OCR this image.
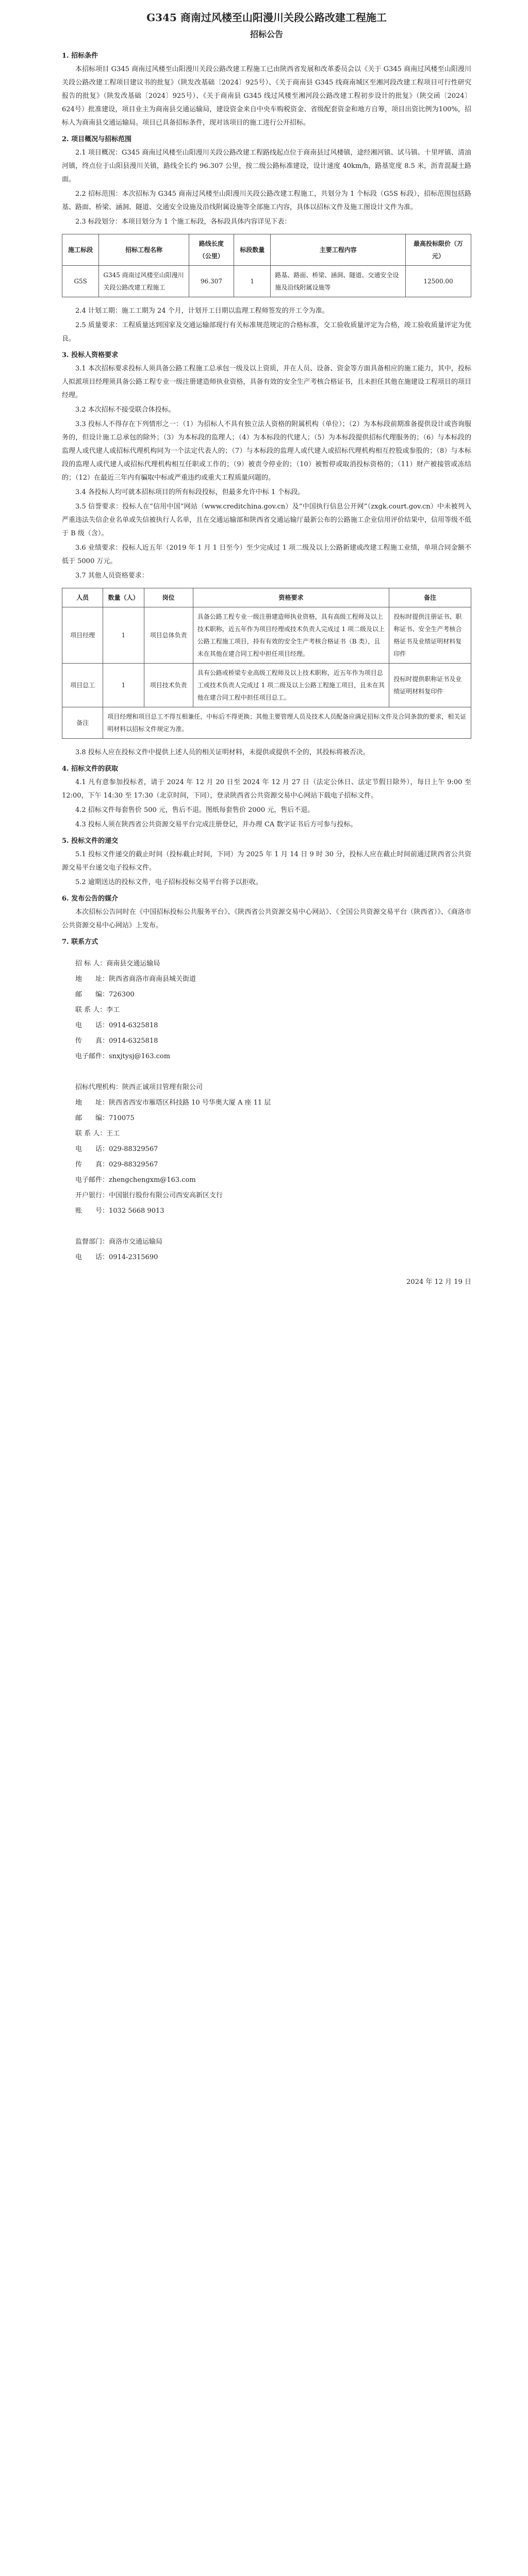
G345 商南过风楼至山阳漫川关段公路改建工程施工
招标公告
1. 招标条件

本招标项目 G345 商南过风楼至山阳漫川关段公路改建工程施工已由陕西省发展和改革委员会以《关于 G345 商南过风楼至山阳漫川关段公路改建工程项目建议书的批复》（陕发改基础〔2024〕925号）、《关于商南县 G345 线商南城区至湘河段改建工程项目可行性研究报告的批复》（陕发改基础〔2024〕925号）、《关于商南县 G345 线过风楼至湘河段公路改建工程初步设计的批复》（陕交函〔2024〕624号）批准建设，项目业主为商南县交通运输局，建设资金来自中央车购税资金、省级配套资金和地方自筹，项目出资比例为100%，招标人为商南县交通运输局。项目已具备招标条件，现对该项目的施工进行公开招标。

2. 项目概况与招标范围

2.1 项目概况：G345 商南过风楼至山阳漫川关段公路改建工程路线起点位于商南县过风楼镇，途经湘河镇、试马镇、十里坪镇、清油河镇，终点位于山阳县漫川关镇，路线全长约 96.307 公里，按二级公路标准建设，设计速度 40km/h，路基宽度 8.5 米，沥青混凝土路面。

2.2 招标范围：本次招标为 G345 商南过风楼至山阳漫川关段公路改建工程施工，共划分为 1 个标段（G5S 标段），招标范围包括路基、路面、桥梁、涵洞、隧道、交通安全设施及沿线附属设施等全部施工内容，具体以招标文件及施工图设计文件为准。

2.3 标段划分：本项目划分为 1 个施工标段，各标段具体内容详见下表：

施工标段	招标工程名称	路线长度（公里）	标段数量	主要工程内容	最高投标限价（万元）
G5S	G345 商南过风楼至山阳漫川关段公路改建工程施工	96.307	1	路基、路面、桥梁、涵洞、隧道、交通安全设施及沿线附属设施等	12500.00

2.4 计划工期：施工工期为 24 个月，计划开工日期以监理工程师签发的开工令为准。

2.5 质量要求：工程质量达到国家及交通运输部现行有关标准规范规定的合格标准，交工验收质量评定为合格，竣工验收质量评定为优良。

3. 投标人资格要求

3.1 本次招标要求投标人须具备公路工程施工总承包一级及以上资质，并在人员、设备、资金等方面具备相应的施工能力，其中，投标人拟派项目经理须具备公路工程专业一级注册建造师执业资格，具备有效的安全生产考核合格证书，且未担任其他在施建设工程项目的项目经理。

3.2 本次招标不接受联合体投标。

3.3 投标人不得存在下列情形之一：（1）为招标人不具有独立法人资格的附属机构（单位）；（2）为本标段前期准备提供设计或咨询服务的，但设计施工总承包的除外；（3）为本标段的监理人；（4）为本标段的代建人；（5）为本标段提供招标代理服务的；（6）与本标段的监理人或代建人或招标代理机构同为一个法定代表人的；（7）与本标段的监理人或代建人或招标代理机构相互控股或参股的；（8）与本标段的监理人或代建人或招标代理机构相互任职或工作的；（9）被责令停业的；（10）被暂停或取消投标资格的；（11）财产被接管或冻结的；（12）在最近三年内有骗取中标或严重违约或重大工程质量问题的。

3.4 各投标人均可就本招标项目的所有标段投标，但最多允许中标 1 个标段。

3.5 信誉要求：投标人在“信用中国”网站（www.creditchina.gov.cn）及“中国执行信息公开网”（zxgk.court.gov.cn）中未被列入严重违法失信企业名单或失信被执行人名单，且在交通运输部和陕西省交通运输厅最新公布的公路施工企业信用评价结果中，信用等级不低于 B 级（含）。

3.6 业绩要求：投标人近五年（2019 年 1 月 1 日至今）至少完成过 1 项二级及以上公路新建或改建工程施工业绩，单项合同金额不低于 5000 万元。

3.7 其他人员资格要求：

人员	数量（人）	岗位	资格要求	备注
项目经理	1	项目总体负责	具备公路工程专业一级注册建造师执业资格，具有高级工程师及以上技术职称，近五年作为项目经理或技术负责人完成过 1 项二级及以上公路工程施工项目，持有有效的安全生产考核合格证书（B 类），且未在其他在建合同工程中担任项目经理。	投标时提供注册证书、职称证书、安全生产考核合格证书及业绩证明材料复印件
项目总工	1	项目技术负责	具有公路或桥梁专业高级工程师及以上技术职称，近五年作为项目总工或技术负责人完成过 1 项二级及以上公路工程施工项目，且未在其他在建合同工程中担任项目总工。	投标时提供职称证书及业绩证明材料复印件
备注	项目经理和项目总工不得互相兼任，中标后不得更换；其他主要管理人员及技术人员配备应满足招标文件及合同条款的要求，相关证明材料以招标文件规定为准。			

3.8 投标人应在投标文件中提供上述人员的相关证明材料，未提供或提供不全的，其投标将被否决。

4. 招标文件的获取

4.1 凡有意参加投标者，请于 2024 年 12 月 20 日至 2024 年 12 月 27 日（法定公休日、法定节假日除外），每日上午 9:00 至 12:00，下午 14:30 至 17:30（北京时间，下同），登录陕西省公共资源交易中心网站下载电子招标文件。

4.2 招标文件每套售价 500 元，售后不退。图纸每套售价 2000 元，售后不退。

4.3 投标人须在陕西省公共资源交易平台完成注册登记，并办理 CA 数字证书后方可参与投标。

5. 投标文件的递交

5.1 投标文件递交的截止时间（投标截止时间，下同）为 2025 年 1 月 14 日 9 时 30 分，投标人应在截止时间前通过陕西省公共资源交易平台递交电子投标文件。

5.2 逾期送达的投标文件，电子招标投标交易平台将予以拒收。

6. 发布公告的媒介

本次招标公告同时在《中国招标投标公共服务平台》、《陕西省公共资源交易中心网站》、《全国公共资源交易平台（陕西省）》、《商洛市公共资源交易中心网站》上发布。

7. 联系方式

招 标 人：商南县交通运输局

地　　址：陕西省商洛市商南县城关街道

邮　　编：726300

联 系 人：李工

电　　话：0914-6325818

传　　真：0914-6325818

电子邮件：snxjtysj@163.com

招标代理机构：陕西正诚项目管理有限公司

地　　址：陕西省西安市雁塔区科技路 10 号华奥大厦 A 座 11 层

邮　　编：710075

联 系 人：王工

电　　话：029-88329567

传　　真：029-88329567

电子邮件：zhengchengxm@163.com

开户银行：中国银行股份有限公司西安高新区支行

账　　号：1032 5668 9013

监督部门：商洛市交通运输局

电　　话：0914-2315690

2024 年 12 月 19 日
